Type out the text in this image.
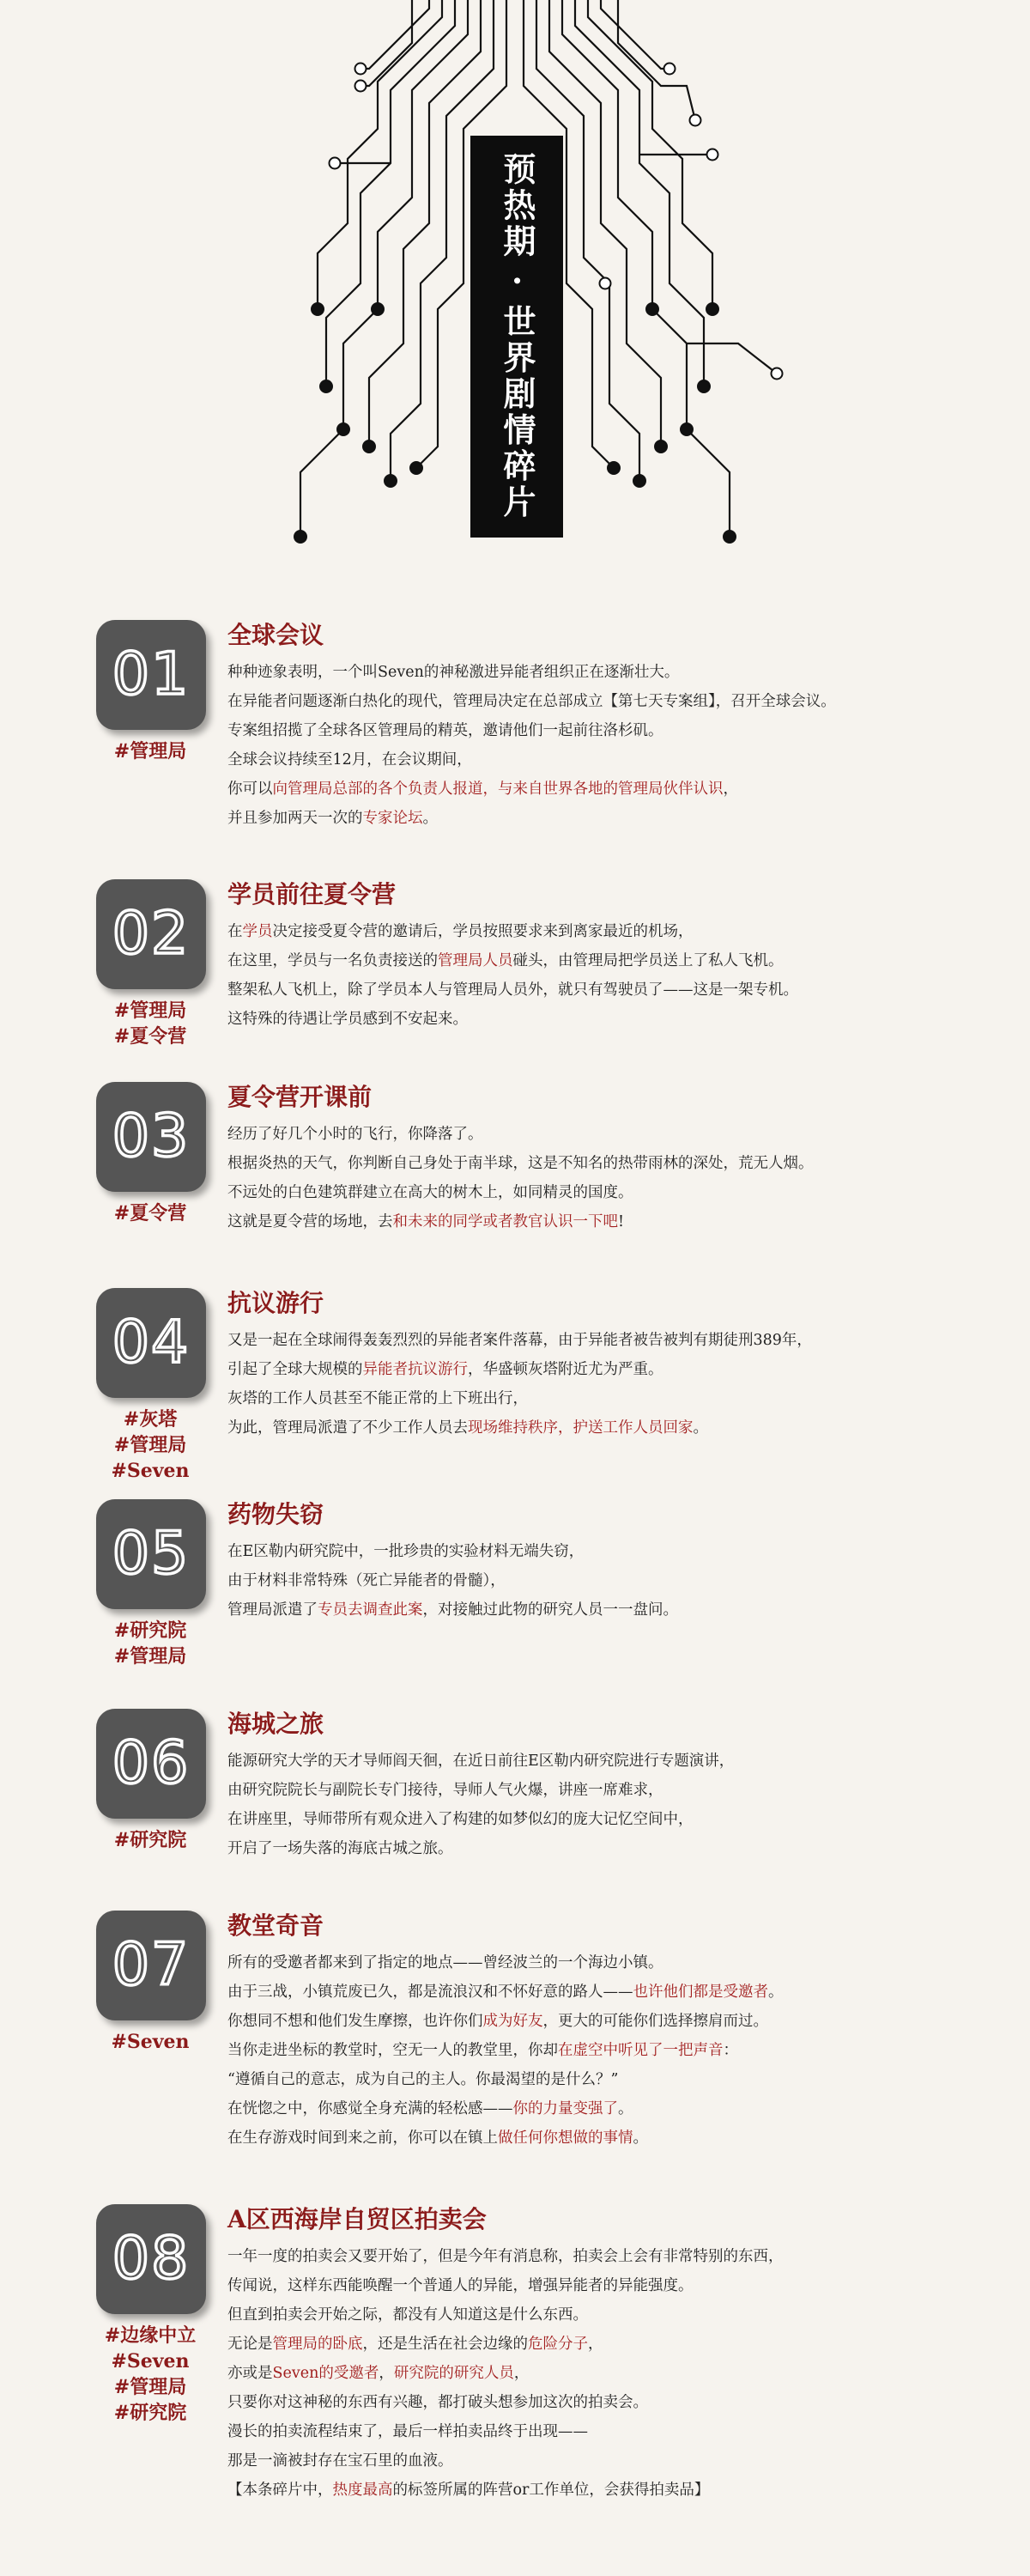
预热期 · 世界剧情碎片
01
#管理局
全球会议
种种迹象表明，一个叫Seven的神秘激进异能者组织正在逐渐壮大。
在异能者问题逐渐白热化的现代，管理局决定在总部成立【第七天专案组】，召开全球会议。
专案组招揽了全球各区管理局的精英，邀请他们一起前往洛杉矶。
全球会议持续至12月，在会议期间，
你可以向管理局总部的各个负责人报道，与来自世界各地的管理局伙伴认识，
并且参加两天一次的专家论坛。
02
#管理局
#夏令营
学员前往夏令营
在学员决定接受夏令营的邀请后，学员按照要求来到离家最近的机场，
在这里，学员与一名负责接送的管理局人员碰头，由管理局把学员送上了私人飞机。
整架私人飞机上，除了学员本人与管理局人员外，就只有驾驶员了——这是一架专机。
这特殊的待遇让学员感到不安起来。
03
#夏令营
夏令营开课前
经历了好几个小时的飞行，你降落了。
根据炎热的天气，你判断自己身处于南半球，这是不知名的热带雨林的深处，荒无人烟。
不远处的白色建筑群建立在高大的树木上，如同精灵的国度。
这就是夏令营的场地，去和未来的同学或者教官认识一下吧!
04
#灰塔
#管理局
#Seven
抗议游行
又是一起在全球闹得轰轰烈烈的异能者案件落幕，由于异能者被告被判有期徒刑389年，
引起了全球大规模的异能者抗议游行，华盛顿灰塔附近尤为严重。
灰塔的工作人员甚至不能正常的上下班出行，
为此，管理局派遣了不少工作人员去现场维持秩序，护送工作人员回家。
05
#研究院
#管理局
药物失窃
在E区勒内研究院中，一批珍贵的实验材料无端失窃，
由于材料非常特殊（死亡异能者的骨髓），
管理局派遣了专员去调查此案，对接触过此物的研究人员一一盘问。
06
#研究院
海城之旅
能源研究大学的天才导师阎天徊，在近日前往E区勒内研究院进行专题演讲，
由研究院院长与副院长专门接待，导师人气火爆，讲座一席难求，
在讲座里，导师带所有观众进入了构建的如梦似幻的庞大记忆空间中，
开启了一场失落的海底古城之旅。
07
#Seven
教堂奇音
所有的受邀者都来到了指定的地点——曾经波兰的一个海边小镇。
由于三战，小镇荒废已久，都是流浪汉和不怀好意的路人——也许他们都是受邀者。
你想同不想和他们发生摩擦，也许你们成为好友，更大的可能你们选择擦肩而过。
当你走进坐标的教堂时，空无一人的教堂里，你却在虚空中听见了一把声音：
“遵循自己的意志，成为自己的主人。你最渴望的是什么？”
在恍惚之中，你感觉全身充满的轻松感——你的力量变强了。
在生存游戏时间到来之前，你可以在镇上做任何你想做的事情。
08
#边缘中立
#Seven
#管理局
#研究院
A区西海岸自贸区拍卖会
一年一度的拍卖会又要开始了，但是今年有消息称，拍卖会上会有非常特别的东西，
传闻说，这样东西能唤醒一个普通人的异能，增强异能者的异能强度。
但直到拍卖会开始之际，都没有人知道这是什么东西。
无论是管理局的卧底，还是生活在社会边缘的危险分子，
亦或是Seven的受邀者，研究院的研究人员，
只要你对这神秘的东西有兴趣，都打破头想参加这次的拍卖会。
漫长的拍卖流程结束了，最后一样拍卖品终于出现——
那是一滴被封存在宝石里的血液。
【本条碎片中，热度最高的标签所属的阵营or工作单位，会获得拍卖品】
